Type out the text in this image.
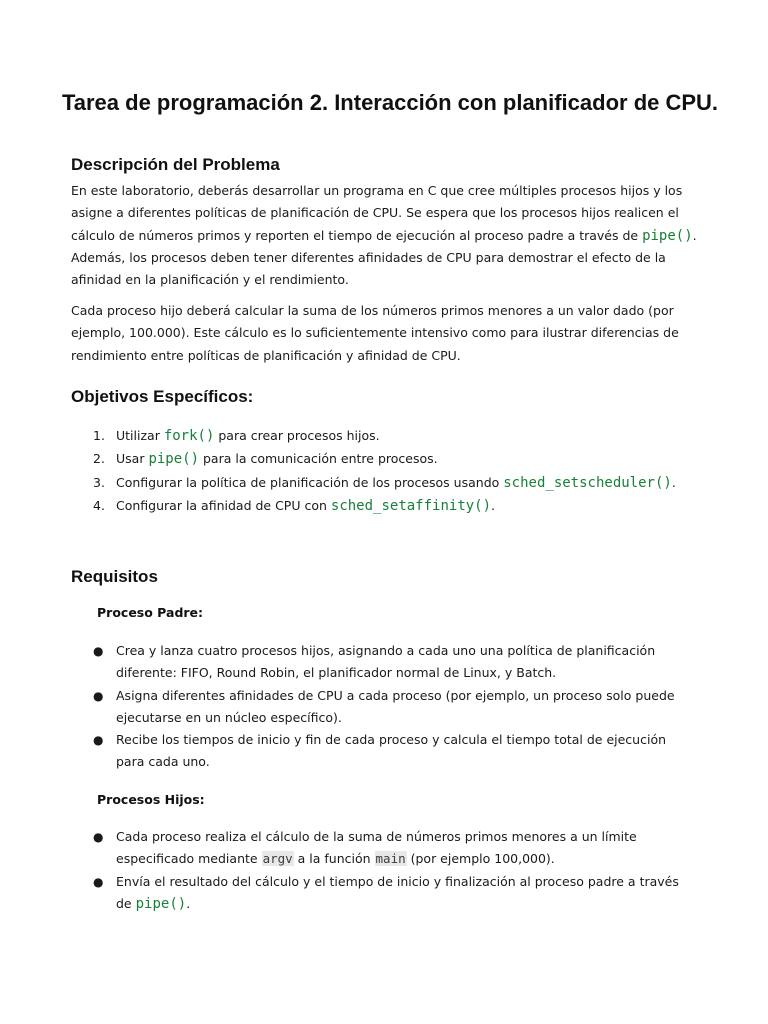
Tarea de programación 2. Interacción con planificador de CPU.
Descripción del Problema

En este laboratorio, deberás desarrollar un programa en C que cree múltiples procesos hijos y los asigne a diferentes políticas de planificación de CPU. Se espera que los procesos hijos realicen el cálculo de números primos y reporten el tiempo de ejecución al proceso padre a través de pipe(). Además, los procesos deben tener diferentes afinidades de CPU para demostrar el efecto de la afinidad en la planificación y el rendimiento.

Cada proceso hijo deberá calcular la suma de los números primos menores a un valor dado (por ejemplo, 100.000). Este cálculo es lo suficientemente intensivo como para ilustrar diferencias de rendimiento entre políticas de planificación y afinidad de CPU.

Objetivos Específicos:
1. Utilizar fork() para crear procesos hijos.
2. Usar pipe() para la comunicación entre procesos.
3. Configurar la política de planificación de los procesos usando sched_setscheduler().
4. Configurar la afinidad de CPU con sched_setaffinity().
Requisitos

Proceso Padre:

● Crea y lanza cuatro procesos hijos, asignando a cada uno una política de planificación diferente: FIFO, Round Robin, el planificador normal de Linux, y Batch.
● Asigna diferentes afinidades de CPU a cada proceso (por ejemplo, un proceso solo puede ejecutarse en un núcleo específico).
● Recibe los tiempos de inicio y fin de cada proceso y calcula el tiempo total de ejecución para cada uno.

Procesos Hijos:

● Cada proceso realiza el cálculo de la suma de números primos menores a un límite especificado mediante argv a la función main (por ejemplo 100,000).
● Envía el resultado del cálculo y el tiempo de inicio y finalización al proceso padre a través de pipe().
